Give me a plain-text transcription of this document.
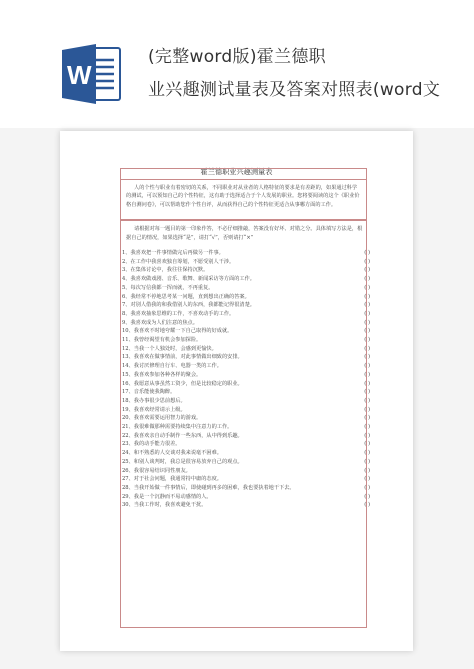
W
(完整word版)霍兰德职
业兴趣测试量表及答案对照表(word文
霍兰德职业兴趣测量表
人的个性与职业有着密切的关系，不同职业对从业者的人格特征的要求是有差距的，如果通过科学的测试，可以预知自己的个性特征，这有助于选择适合于个人发展的职业。您将要阅读的这个《职业价格自测问卷》，可以帮助您作个性自评，从而获得自己的个性特征更适合从事哪方面的工作。
请根据对每一题目的第一印象作答，不必仔细推敲，答案没有好坏、对错之分。具体填写方法是，根据自己的情况，如果选择“是”，请打“√”，否则请打“×”
1、我喜欢把一件事情做完后再做另一件事。	( )
2、在工作中我喜欢独自筹划，不愿受别人干涉。	( )
3、在集体讨论中，我往往保持沉默。	( )
4、我喜欢做戏剧、音乐、歌舞、新闻采访等方面的工作。	( )
5、每次写信我都一挥而就，不再重复。	( )
6、我经常不停地思考某一问题，直到想出正确的答案。	( )
7、对别人借我的和我借别人的东西，我都能记得很清楚。	( )
8、我喜欢抽象思维的工作，不喜欢动手的工作。	( )
9、我喜欢成为人们注意的焦点。	( )
10、我喜欢不时地夸耀一下自己取得的好成就。	( )
11、我曾经渴望有机会参加探险。	( )
12、当我一个人独处时，会感到更愉快。	( )
13、我喜欢在做事情前，对此事情做出细致的安排。	( )
14、我讨厌修理自行车、电器一类的工作。	( )
15、我喜欢参加各种各样的聚会。	( )
16、我愿意从事虽然工资少，但是比较稳定的职业。	( )
17、音乐能使我陶醉。	( )
18、我办事很少思前想后。	( )
19、我喜欢经常请示上级。	( )
20、我喜欢需要运用智力的游戏。	( )
21、我很难做那种需要持续集中注意力的工作。	( )
22、我喜欢亲自动手制作一些东西，从中得到乐趣。	( )
23、我的动手能力很差。	( )
24、和不熟悉的人交谈对我来说毫不困难。	( )
25、和别人谈判时，我总是很容易放弃自己的观点。	( )
26、我很容易结识同性朋友。	( )
27、对于社会问题，我通常持中庸的态度。	( )
28、当我开始做一件事情后，即使碰到再多的困难，我也要执着地干下去。	( )
29、我是一个沉静而不易动感情的人。	( )
30、当我工作时，我喜欢避免干扰。	( )
